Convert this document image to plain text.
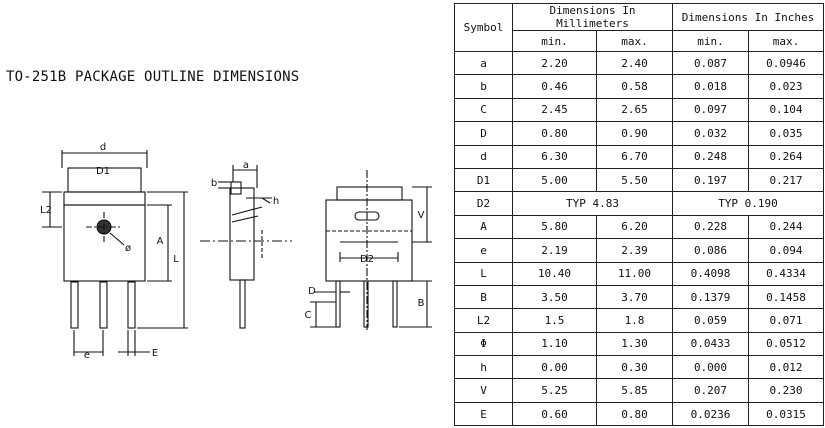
TO-251B PACKAGE OUTLINE DIMENSIONS
d
D1
L2
ø
A
L
e	E
a
b
h
V
D2
D
C
B
Symbol	Dimensions In Millimeters		Dimensions In Inches	
	min.	max.	min.	max.
a	2.20	2.40	0.087	0.0946
b	0.46	0.58	0.018	0.023
C	2.45	2.65	0.097	0.104
D	0.80	0.90	0.032	0.035
d	6.30	6.70	0.248	0.264
D1	5.00	5.50	0.197	0.217
D2	TYP 4.83		TYP 0.190	
A	5.80	6.20	0.228	0.244
e	2.19	2.39	0.086	0.094
L	10.40	11.00	0.4098	0.4334
B	3.50	3.70	0.1379	0.1458
L2	1.5	1.8	0.059	0.071
Φ	1.10	1.30	0.0433	0.0512
h	0.00	0.30	0.000	0.012
V	5.25	5.85	0.207	0.230
E	0.60	0.80	0.0236	0.0315
